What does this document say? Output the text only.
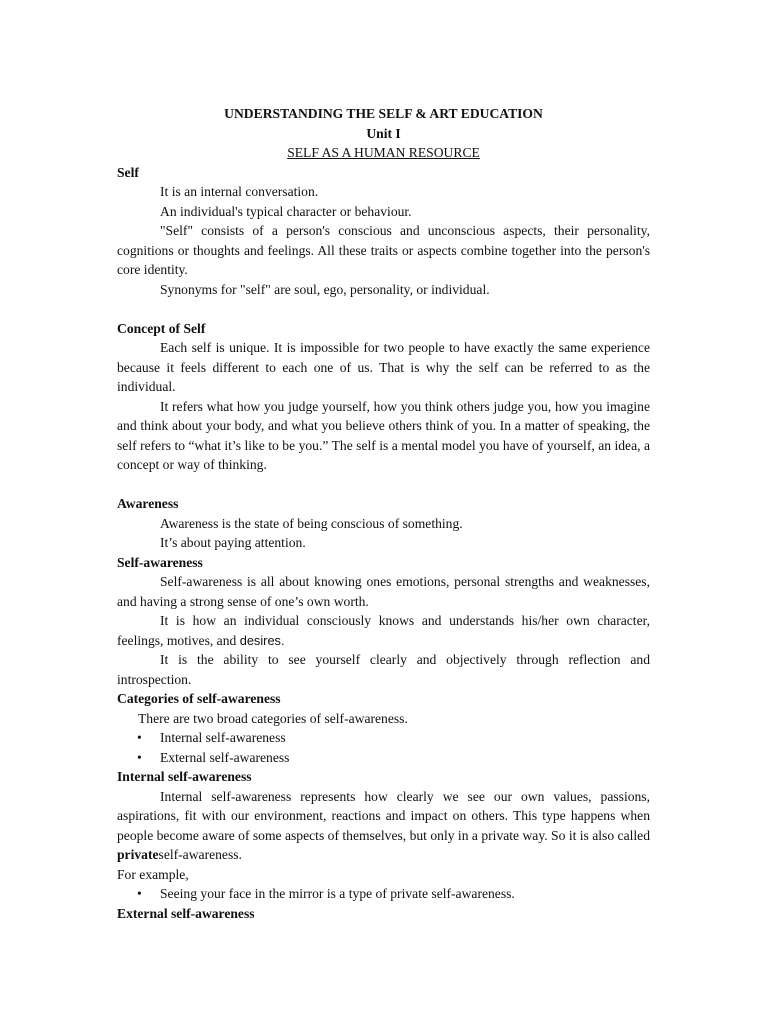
UNDERSTANDING THE SELF & ART EDUCATION

Unit I

SELF AS A HUMAN RESOURCE

Self

It is an internal conversation.

An individual's typical character or behaviour.

"Self" consists of a person's conscious and unconscious aspects, their personality, cognitions or thoughts and feelings. All these traits or aspects combine together into the person's core identity.

Synonyms for "self" are soul, ego, personality, or individual.

Concept of Self

Each self is unique. It is impossible for two people to have exactly the same experience because it feels different to each one of us. That is why the self can be referred to as the individual.

It refers what how you judge yourself, how you think others judge you, how you imagine and think about your body, and what you believe others think of you. In a matter of speaking, the self refers to “what it’s like to be you.” The self is a mental model you have of yourself, an idea, a concept or way of thinking.

Awareness

Awareness is the state of being conscious of something.

It’s about paying attention.

Self-awareness

Self-awareness is all about knowing ones emotions, personal strengths and weaknesses, and having a strong sense of one’s own worth.

It is how an individual consciously knows and understands his/her own character, feelings, motives, and desires.

It is the ability to see yourself clearly and objectively through reflection and introspection.

Categories of self-awareness

There are two broad categories of self-awareness.

• Internal self-awareness
• External self-awareness

Internal self-awareness

Internal self-awareness represents how clearly we see our own values, passions, aspirations, fit with our environment, reactions and impact on others. This type happens when people become aware of some aspects of themselves, but only in a private way. So it is also called privateself-awareness.

For example,

• Seeing your face in the mirror is a type of private self-awareness.

External self-awareness
